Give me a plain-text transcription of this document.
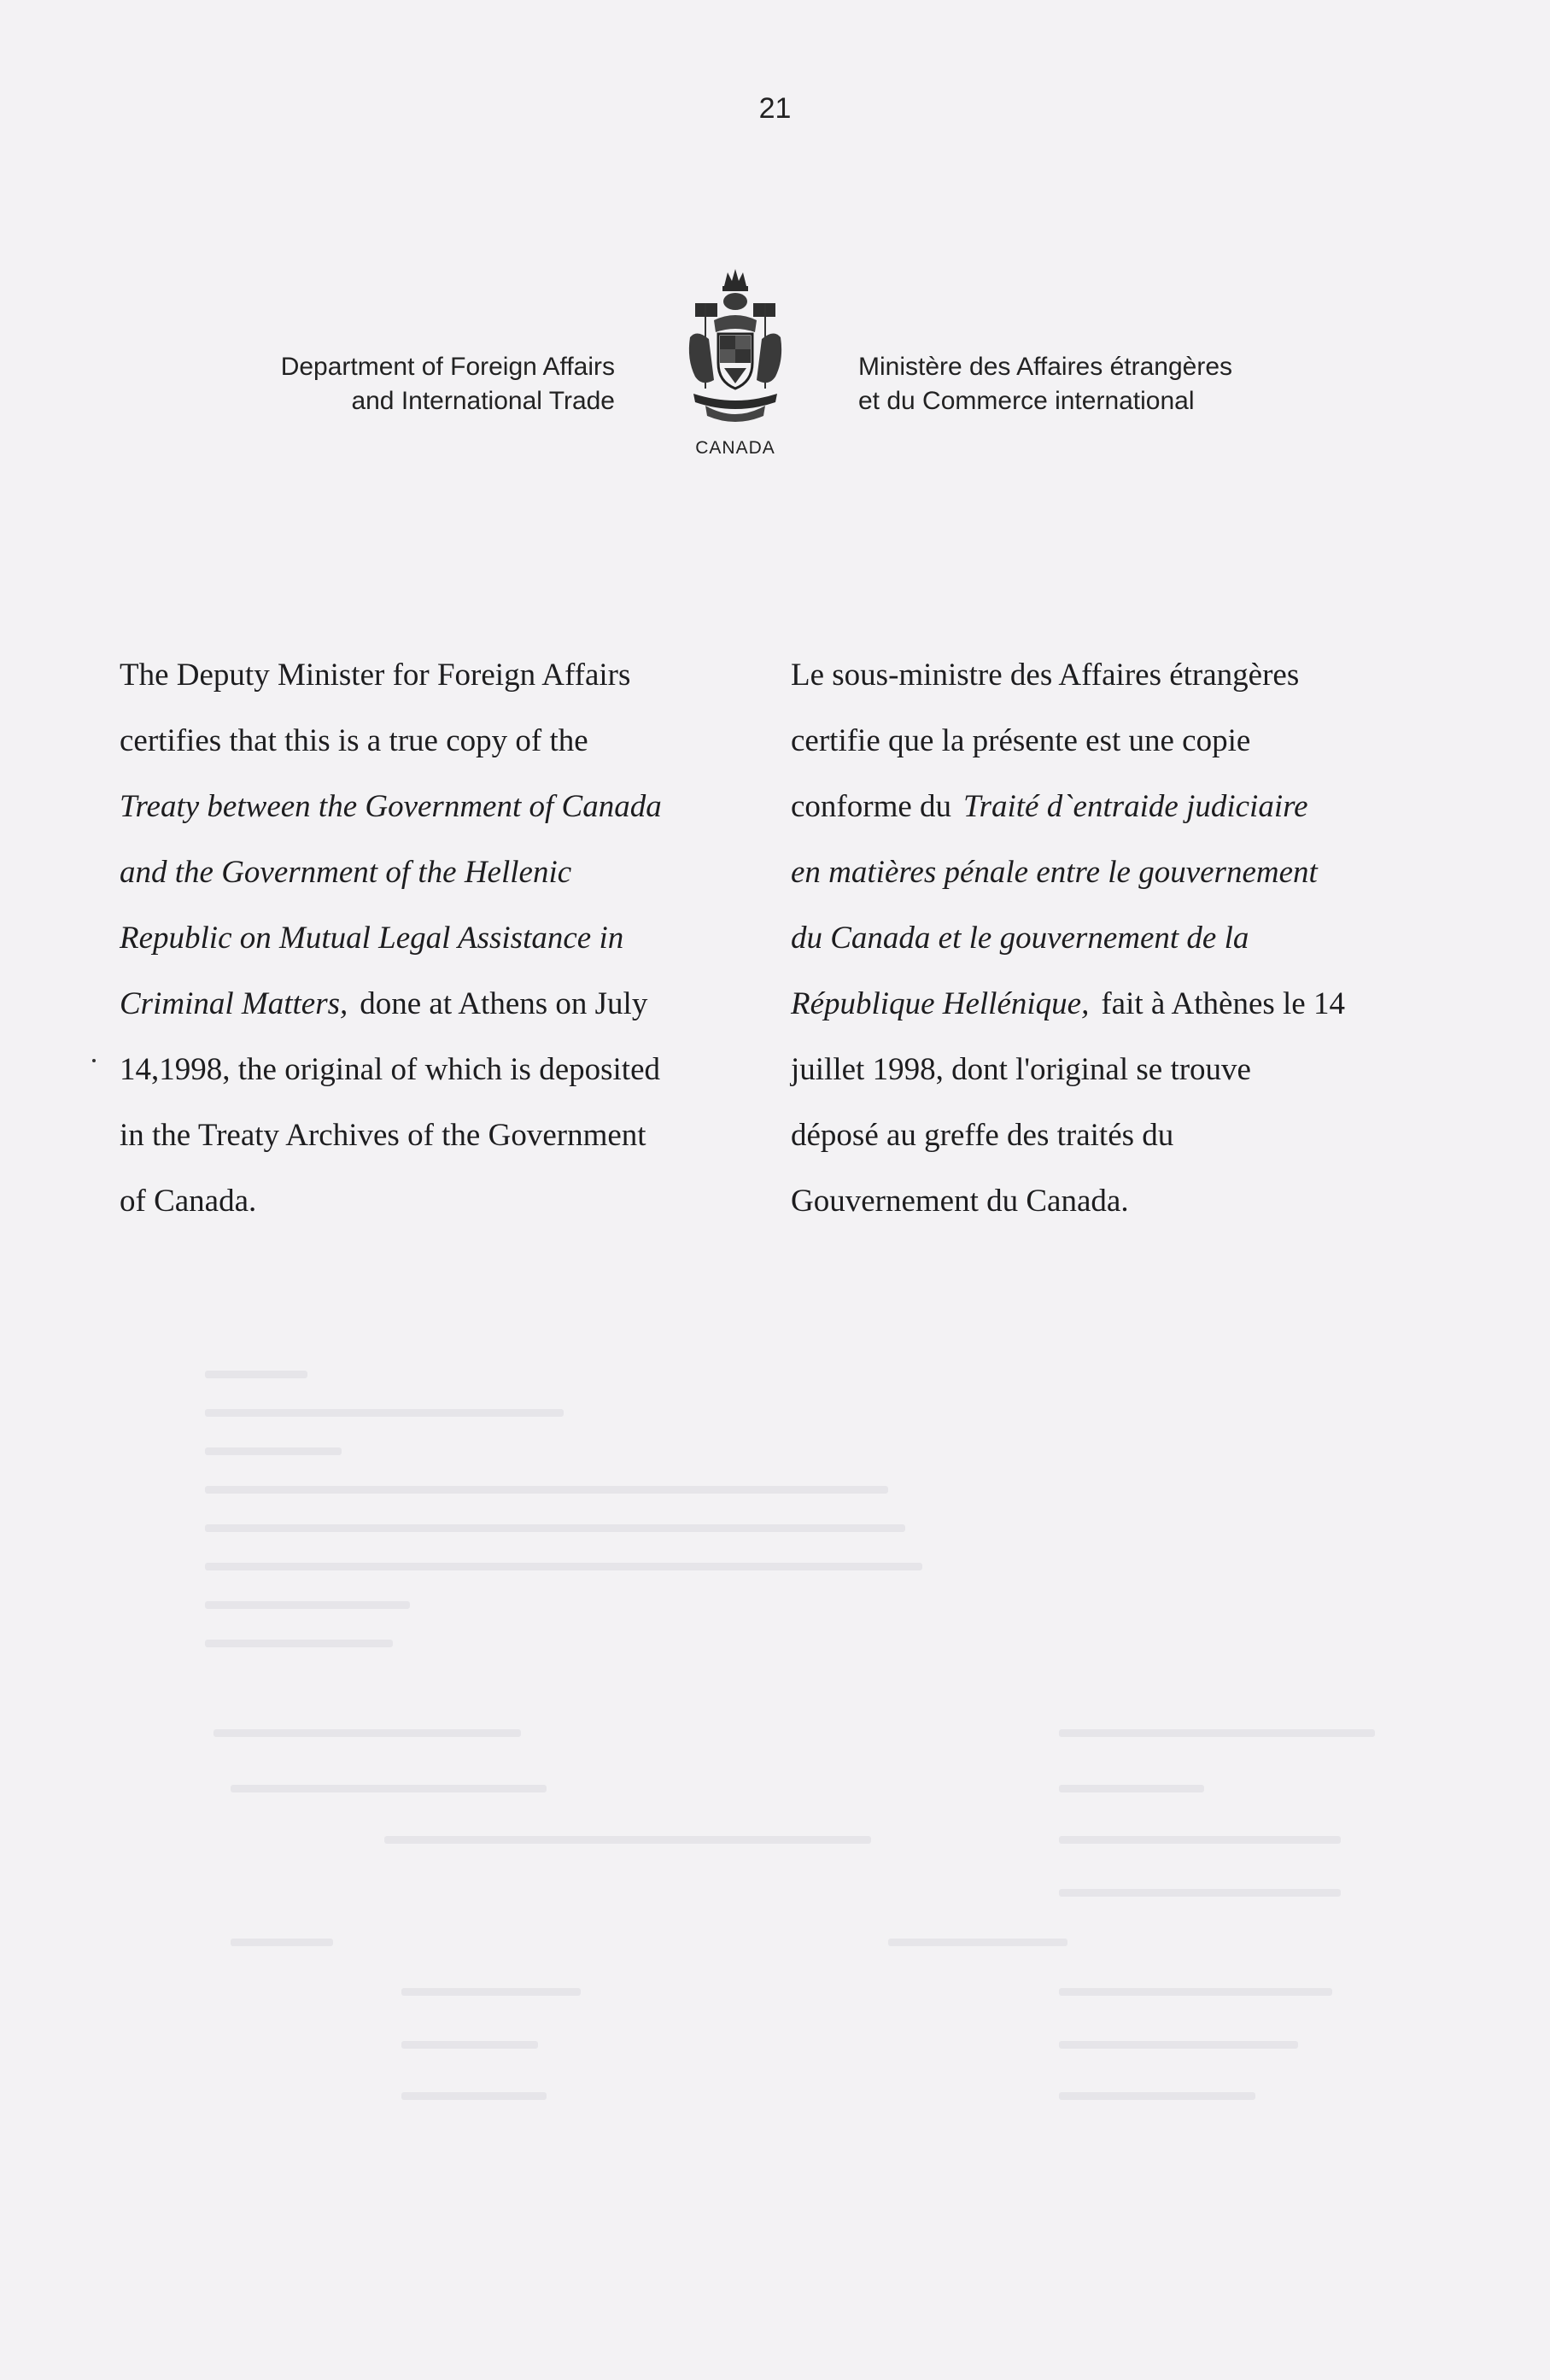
21
Department of Foreign Affairs
and International Trade
Ministère des Affaires étrangères
et du Commerce international
CANADA

The Deputy Minister for Foreign Affairs

certifies that this is a true copy of the

Treaty between the Government of Canada

and the Government of the Hellenic

Republic on Mutual Legal Assistance in

Criminal Matters, done at Athens on July

14,1998, the original of which is deposited

in the Treaty Archives of the Government

of Canada.

Le sous-ministre des Affaires étrangères

certifie que la présente est une copie

conforme du Traité d`entraide judiciaire

en matières pénale entre le gouvernement

du Canada et le gouvernement de la

République Hellénique, fait à Athènes le 14

juillet 1998, dont l'original se trouve

déposé au greffe des traités du

Gouvernement du Canada.
